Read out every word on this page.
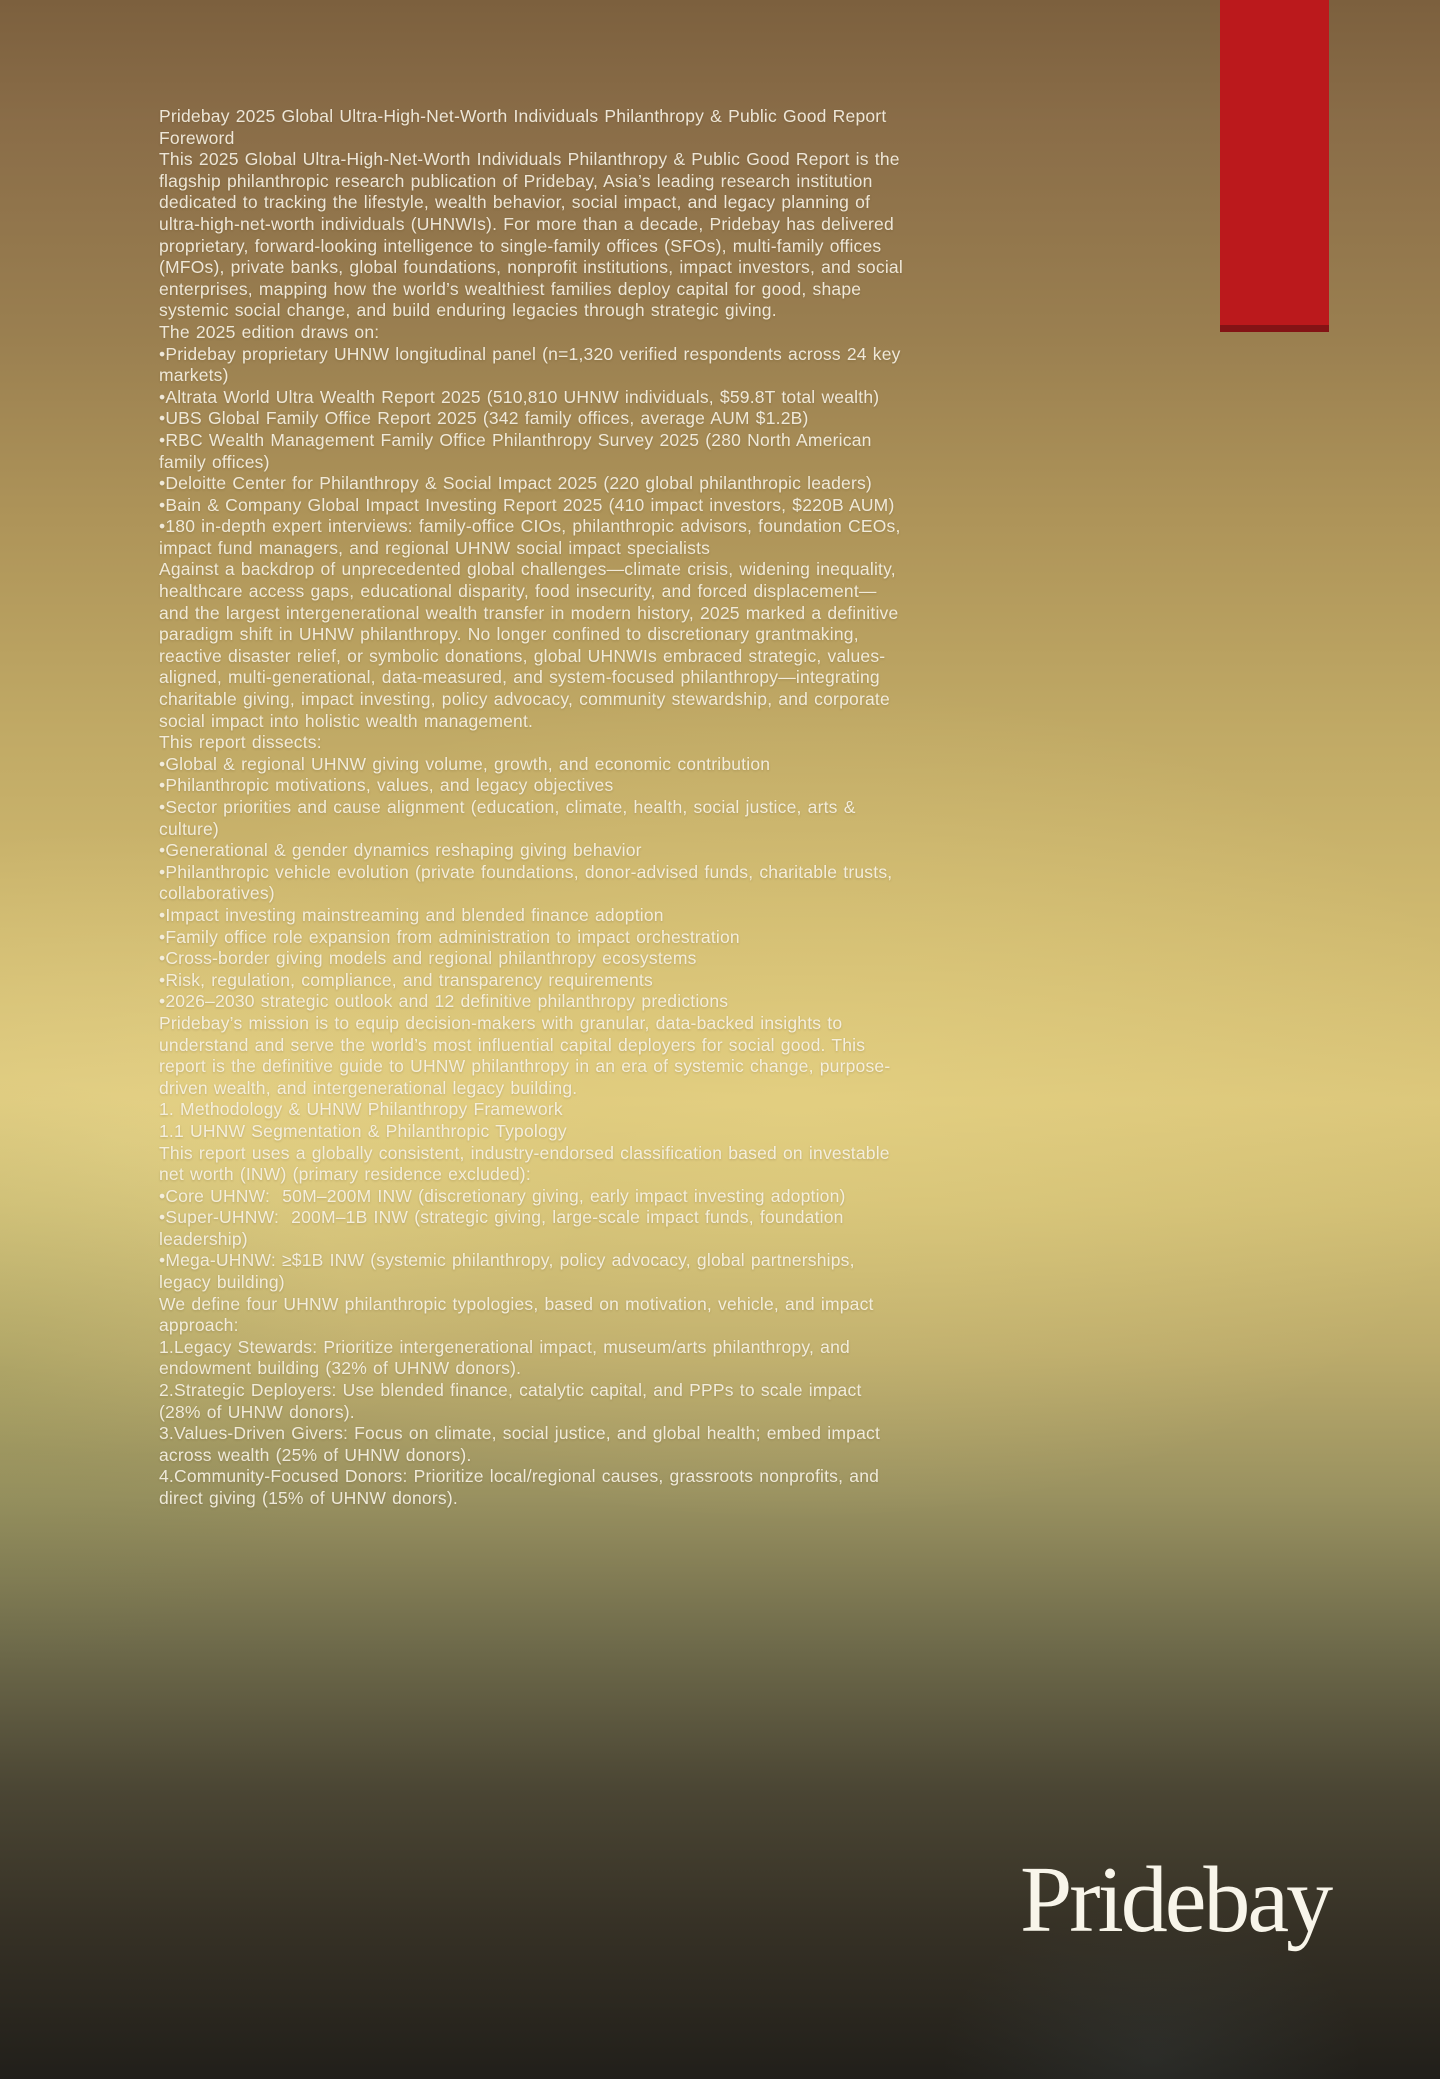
Pridebay 2025 Global Ultra-High-Net-Worth Individuals Philanthropy & Public Good Report
Foreword
This 2025 Global Ultra-High-Net-Worth Individuals Philanthropy & Public Good Report is the flagship philanthropic research publication of Pridebay, Asia’s leading research institution dedicated to tracking the lifestyle, wealth behavior, social impact, and legacy planning of ultra-high-net-worth individuals (UHNWIs). For more than a decade, Pridebay has delivered proprietary, forward-looking intelligence to single-family offices (SFOs), multi-family offices (MFOs), private banks, global foundations, nonprofit institutions, impact investors, and social enterprises, mapping how the world’s wealthiest families deploy capital for good, shape systemic social change, and build enduring legacies through strategic giving.
The 2025 edition draws on:
•Pridebay proprietary UHNW longitudinal panel (n=1,320 verified respondents across 24 key markets)
•Altrata World Ultra Wealth Report 2025 (510,810 UHNW individuals, $59.8T total wealth)
•UBS Global Family Office Report 2025 (342 family offices, average AUM $1.2B)
•RBC Wealth Management Family Office Philanthropy Survey 2025 (280 North American family offices)
•Deloitte Center for Philanthropy & Social Impact 2025 (220 global philanthropic leaders)
•Bain & Company Global Impact Investing Report 2025 (410 impact investors, $220B AUM)
•180 in-depth expert interviews: family-office CIOs, philanthropic advisors, foundation CEOs, impact fund managers, and regional UHNW social impact specialists
Against a backdrop of unprecedented global challenges—climate crisis, widening inequality, healthcare access gaps, educational disparity, food insecurity, and forced displacement—and the largest intergenerational wealth transfer in modern history, 2025 marked a definitive paradigm shift in UHNW philanthropy. No longer confined to discretionary grantmaking, reactive disaster relief, or symbolic donations, global UHNWIs embraced strategic, values-aligned, multi-generational, data-measured, and system-focused philanthropy—integrating charitable giving, impact investing, policy advocacy, community stewardship, and corporate social impact into holistic wealth management.
This report dissects:
•Global & regional UHNW giving volume, growth, and economic contribution
•Philanthropic motivations, values, and legacy objectives
•Sector priorities and cause alignment (education, climate, health, social justice, arts & culture)
•Generational & gender dynamics reshaping giving behavior
•Philanthropic vehicle evolution (private foundations, donor-advised funds, charitable trusts, collaboratives)
•Impact investing mainstreaming and blended finance adoption
•Family office role expansion from administration to impact orchestration
•Cross-border giving models and regional philanthropy ecosystems
•Risk, regulation, compliance, and transparency requirements
•2026–2030 strategic outlook and 12 definitive philanthropy predictions
Pridebay’s mission is to equip decision-makers with granular, data-backed insights to understand and serve the world’s most influential capital deployers for social good. This report is the definitive guide to UHNW philanthropy in an era of systemic change, purpose-driven wealth, and intergenerational legacy building.
1. Methodology & UHNW Philanthropy Framework
1.1 UHNW Segmentation & Philanthropic Typology
This report uses a globally consistent, industry-endorsed classification based on investable net worth (INW) (primary residence excluded):
•Core UHNW:  50M–200M INW (discretionary giving, early impact investing adoption)
•Super-UHNW:  200M–1B INW (strategic giving, large-scale impact funds, foundation leadership)
•Mega-UHNW: ≥$1B INW (systemic philanthropy, policy advocacy, global partnerships, legacy building)
We define four UHNW philanthropic typologies, based on motivation, vehicle, and impact approach:
1.Legacy Stewards: Prioritize intergenerational impact, museum/arts philanthropy, and endowment building (32% of UHNW donors).
2.Strategic Deployers: Use blended finance, catalytic capital, and PPPs to scale impact (28% of UHNW donors).
3.Values-Driven Givers: Focus on climate, social justice, and global health; embed impact across wealth (25% of UHNW donors).
4.Community-Focused Donors: Prioritize local/regional causes, grassroots nonprofits, and direct giving (15% of UHNW donors).
Pridebay
